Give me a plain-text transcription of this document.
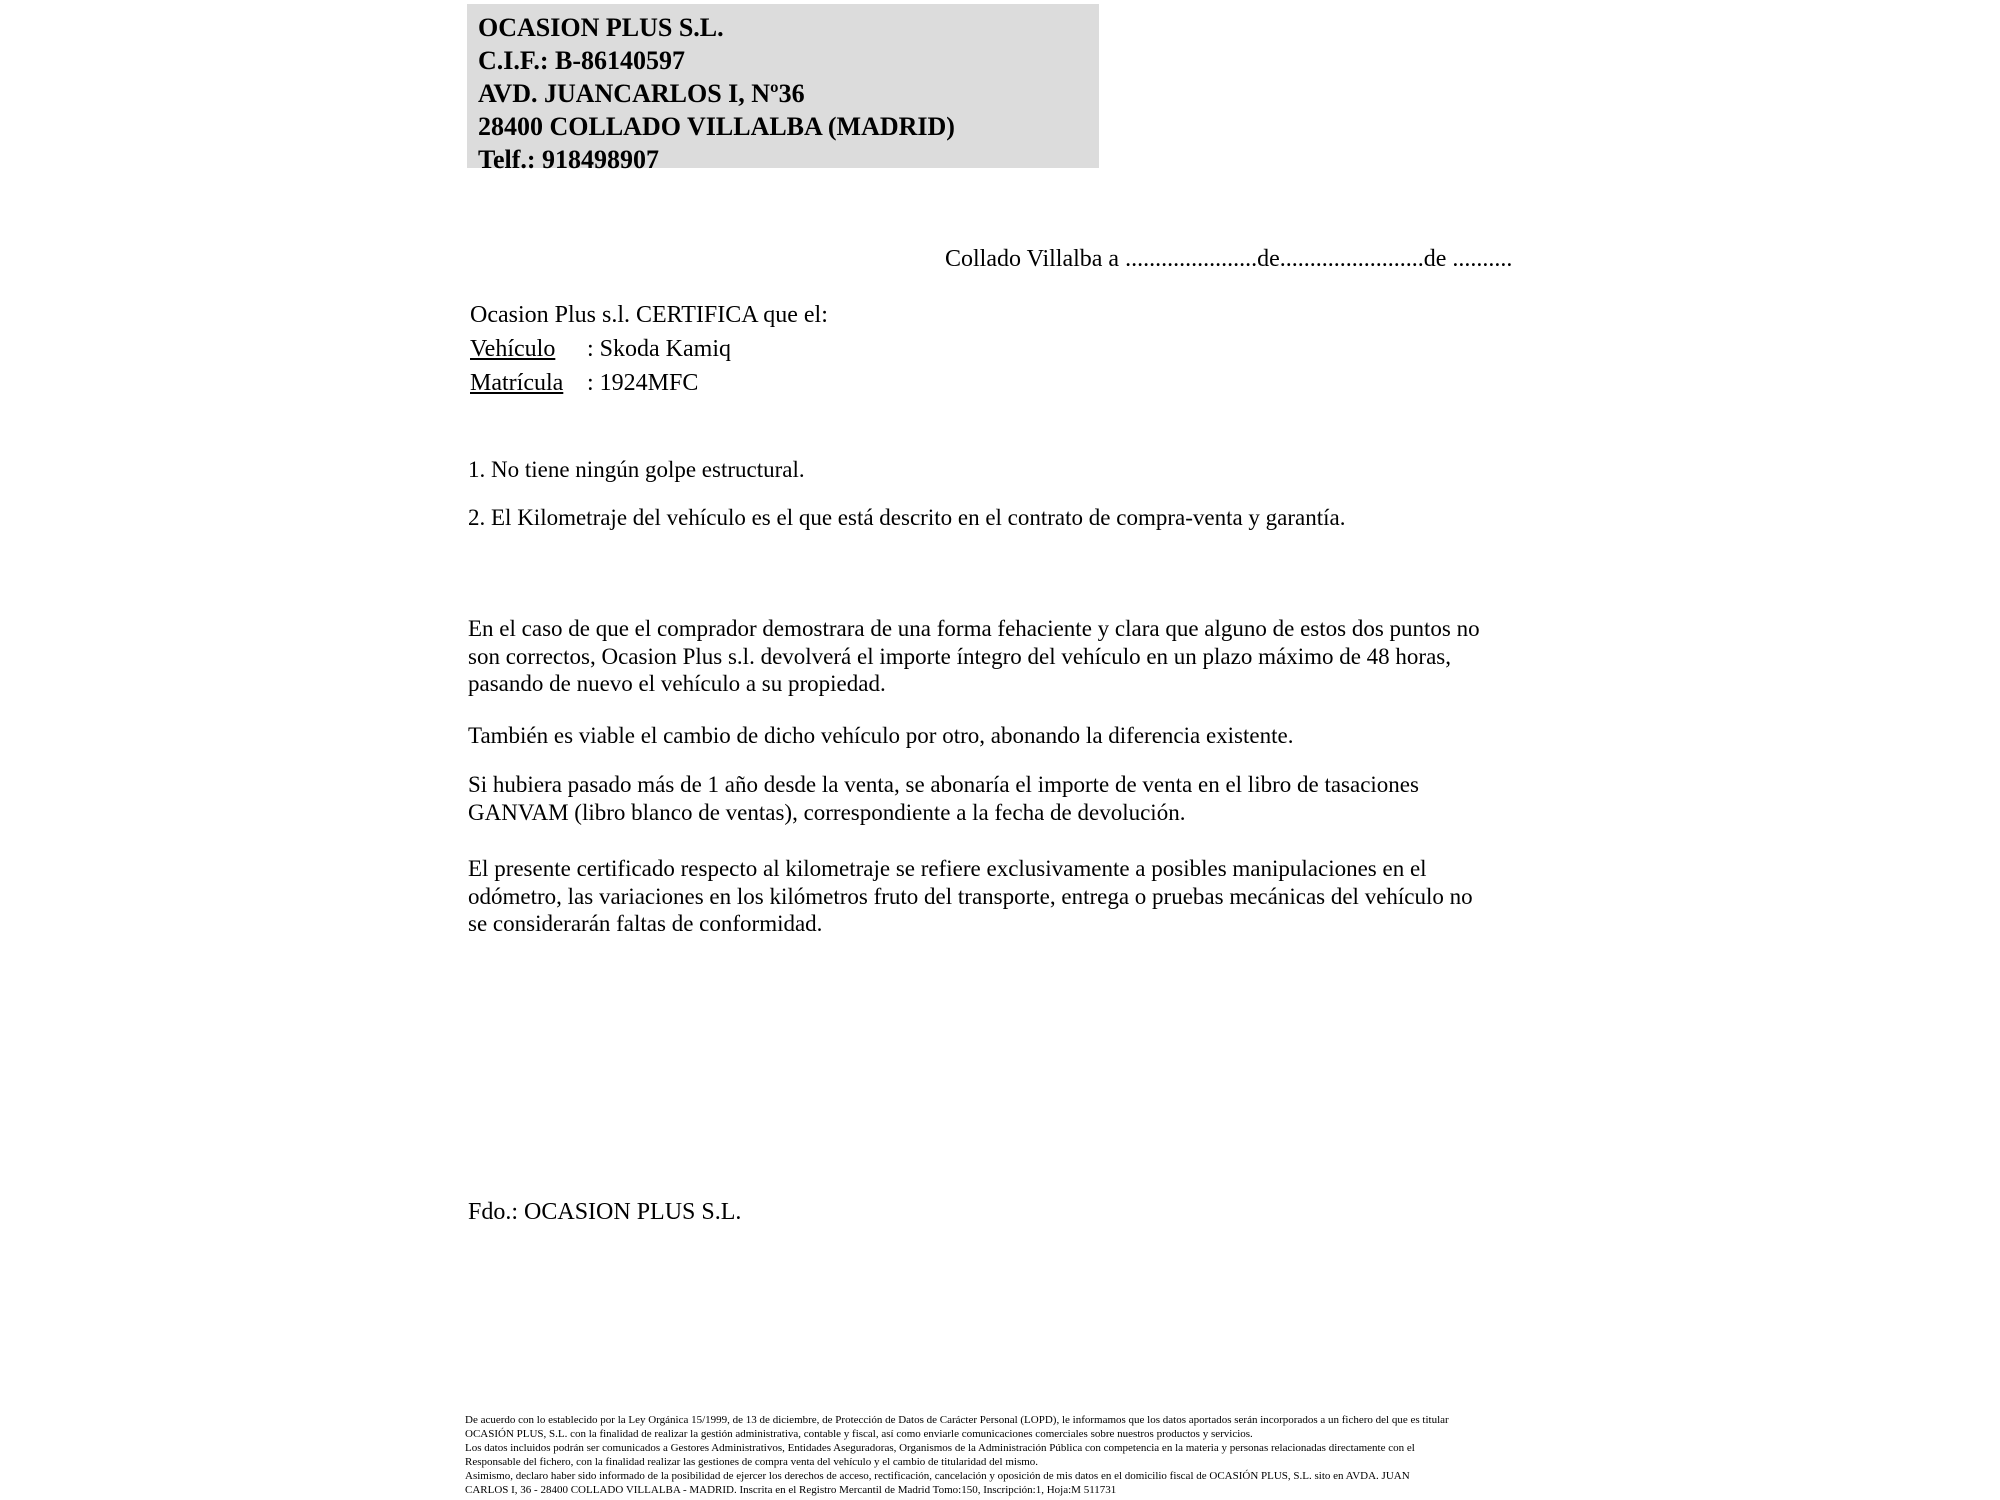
OCASION PLUS S.L.
C.I.F.: B-86140597
AVD. JUANCARLOS I, Nº36
28400 COLLADO VILLALBA (MADRID)
Telf.: 918498907
Collado Villalba a ......................de........................de ..........
Ocasion Plus s.l. CERTIFICA que el:
Vehículo : Skoda Kamiq
Matrícula : 1924MFC
1. No tiene ningún golpe estructural.
2. El Kilometraje del vehículo es el que está descrito en el contrato de compra-venta y garantía.
En el caso de que el comprador demostrara de una forma fehaciente y clara que alguno de estos dos puntos no
son correctos, Ocasion Plus s.l. devolverá el importe íntegro del vehículo en un plazo máximo de 48 horas,
pasando de nuevo el vehículo a su propiedad.
También es viable el cambio de dicho vehículo por otro, abonando la diferencia existente.
Si hubiera pasado más de 1 año desde la venta, se abonaría el importe de venta en el libro de tasaciones
GANVAM (libro blanco de ventas), correspondiente a la fecha de devolución.
El presente certificado respecto al kilometraje se refiere exclusivamente a posibles manipulaciones en el
odómetro, las variaciones en los kilómetros fruto del transporte, entrega o pruebas mecánicas del vehículo no
se considerarán faltas de conformidad.
Fdo.: OCASION PLUS S.L.
De acuerdo con lo establecido por la Ley Orgánica 15/1999, de 13 de diciembre, de Protección de Datos de Carácter Personal (LOPD), le informamos que los datos aportados serán incorporados a un fichero del que es titular
OCASIÓN PLUS, S.L. con la finalidad de realizar la gestión administrativa, contable y fiscal, así como enviarle comunicaciones comerciales sobre nuestros productos y servicios.
Los datos incluidos podrán ser comunicados a Gestores Administrativos, Entidades Aseguradoras, Organismos de la Administración Pública con competencia en la materia y personas relacionadas directamente con el
Responsable del fichero, con la finalidad realizar las gestiones de compra venta del vehículo y el cambio de titularidad del mismo.
Asimismo, declaro haber sido informado de la posibilidad de ejercer los derechos de acceso, rectificación, cancelación y oposición de mis datos en el domicilio fiscal de OCASIÓN PLUS, S.L. sito en AVDA. JUAN
CARLOS I, 36 - 28400 COLLADO VILLALBA - MADRID. Inscrita en el Registro Mercantil de Madrid Tomo:150, Inscripción:1, Hoja:M 511731
